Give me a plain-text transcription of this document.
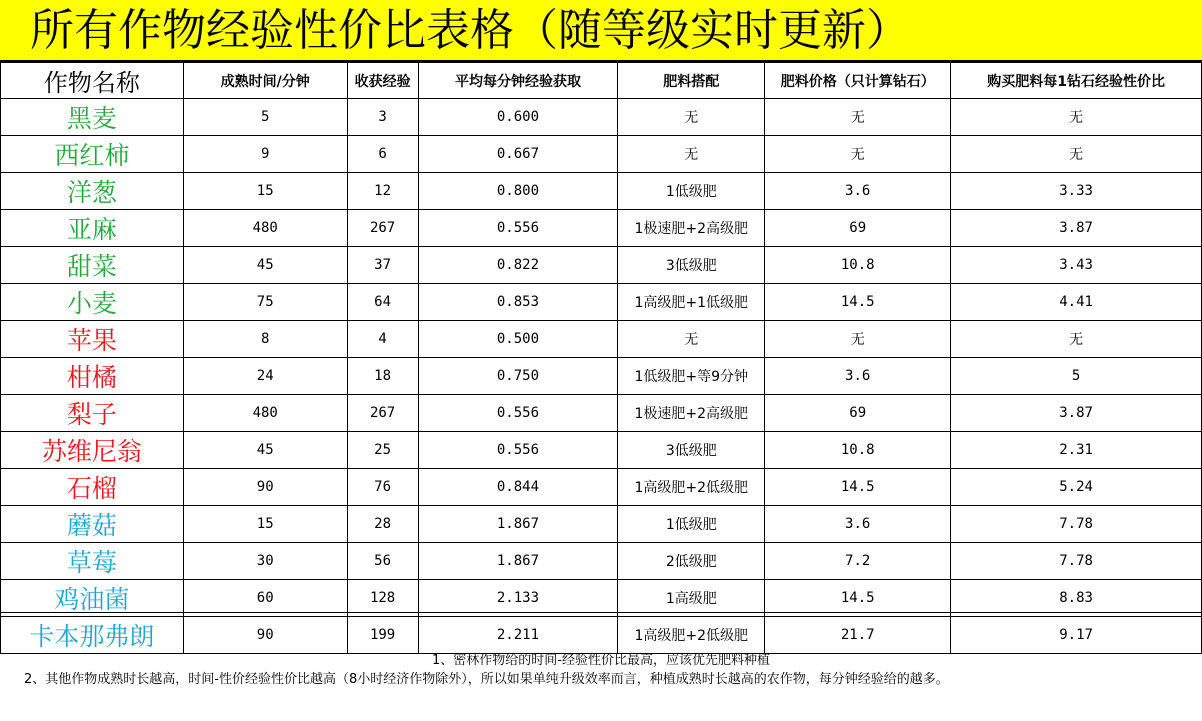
所有作物经验性价比表格（随等级实时更新）
作物名称	成熟时间/分钟	收获经验	平均每分钟经验获取	肥料搭配	肥料价格（只计算钻石）	购买肥料每1钻石经验性价比
黑麦	5	3	0.600	无	无	无
西红柿	9	6	0.667	无	无	无
洋葱	15	12	0.800	1低级肥	3.6	3.33
亚麻	480	267	0.556	1极速肥+2高级肥	69	3.87
甜菜	45	37	0.822	3低级肥	10.8	3.43
小麦	75	64	0.853	1高级肥+1低级肥	14.5	4.41
苹果	8	4	0.500	无	无	无
柑橘	24	18	0.750	1低级肥+等9分钟	3.6	5
梨子	480	267	0.556	1极速肥+2高级肥	69	3.87
苏维尼翁	45	25	0.556	3低级肥	10.8	2.31
石榴	90	76	0.844	1高级肥+2低级肥	14.5	5.24
蘑菇	15	28	1.867	1低级肥	3.6	7.78
草莓	30	56	1.867	2低级肥	7.2	7.78
鸡油菌	60	128	2.133	1高级肥	14.5	8.83
卡本那弗朗	90	199	2.211	1高级肥+2低级肥	21.7	9.17
1、密林作物给的时间-经验性价比最高，应该优先肥料种植
2、其他作物成熟时长越高，时间-性价经验性价比越高（8小时经济作物除外），所以如果单纯升级效率而言，种植成熟时长越高的农作物，每分钟经验给的越多。
